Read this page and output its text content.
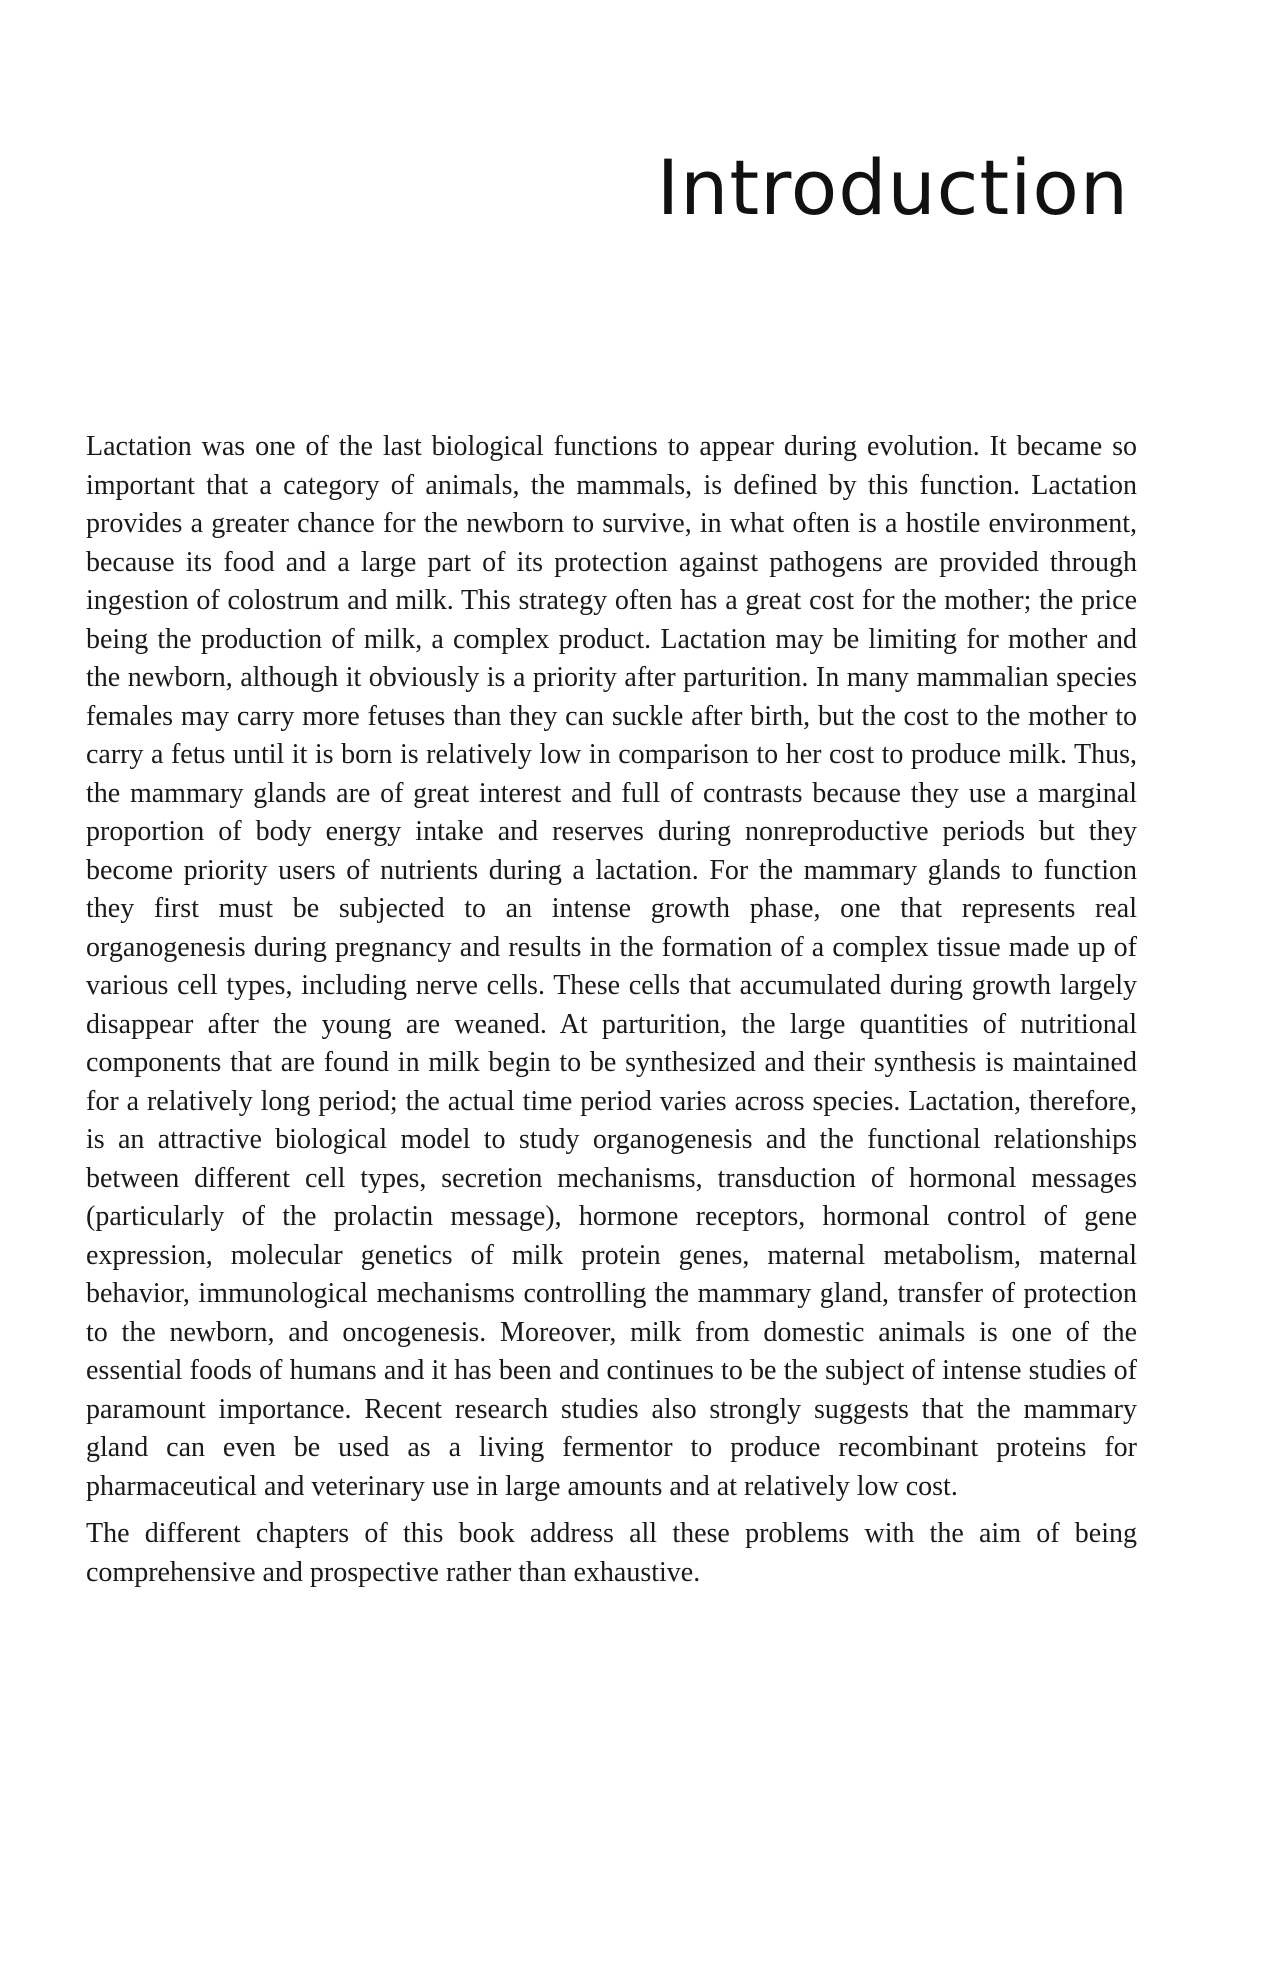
Introduction

Lactation was one of the last biological functions to appear during evolution. It became so important that a category of animals, the mammals, is defined by this function. Lactation provides a greater chance for the newborn to survive, in what often is a hostile environment, because its food and a large part of its protection against pathogens are provided through ingestion of colostrum and milk. This strategy often has a great cost for the mother; the price being the production of milk, a complex product. Lactation may be limiting for mother and the newborn, although it obviously is a priority after parturition. In many mammalian species females may carry more fetuses than they can suckle after birth, but the cost to the mother to carry a fetus until it is born is relatively low in comparison to her cost to produce milk. Thus, the mammary glands are of great interest and full of contrasts because they use a marginal proportion of body energy intake and reserves during nonreproductive periods but they become priority users of nutrients during a lactation. For the mammary glands to function they first must be subjected to an intense growth phase, one that represents real organogenesis during pregnancy and results in the formation of a complex tissue made up of various cell types, including nerve cells. These cells that accumulated during growth largely disappear after the young are weaned. At parturition, the large quantities of nutritional components that are found in milk begin to be synthesized and their synthesis is maintained for a relatively long period; the actual time period varies across species. Lactation, therefore, is an attractive biological model to study organogenesis and the functional relationships between different cell types, secretion mechanisms, transduction of hormonal messages (particularly of the prolactin message), hormone receptors, hormonal control of gene expression, molecular genetics of milk protein genes, maternal metabolism, maternal behavior, immunological mechanisms controlling the mammary gland, transfer of protection to the newborn, and oncogenesis. Moreover, milk from domestic animals is one of the essential foods of humans and it has been and continues to be the subject of intense studies of paramount importance. Recent research studies also strongly suggests that the mammary gland can even be used as a living fermentor to produce recombinant proteins for pharmaceutical and veterinary use in large amounts and at relatively low cost.

The different chapters of this book address all these problems with the aim of being comprehensive and prospective rather than exhaustive.
